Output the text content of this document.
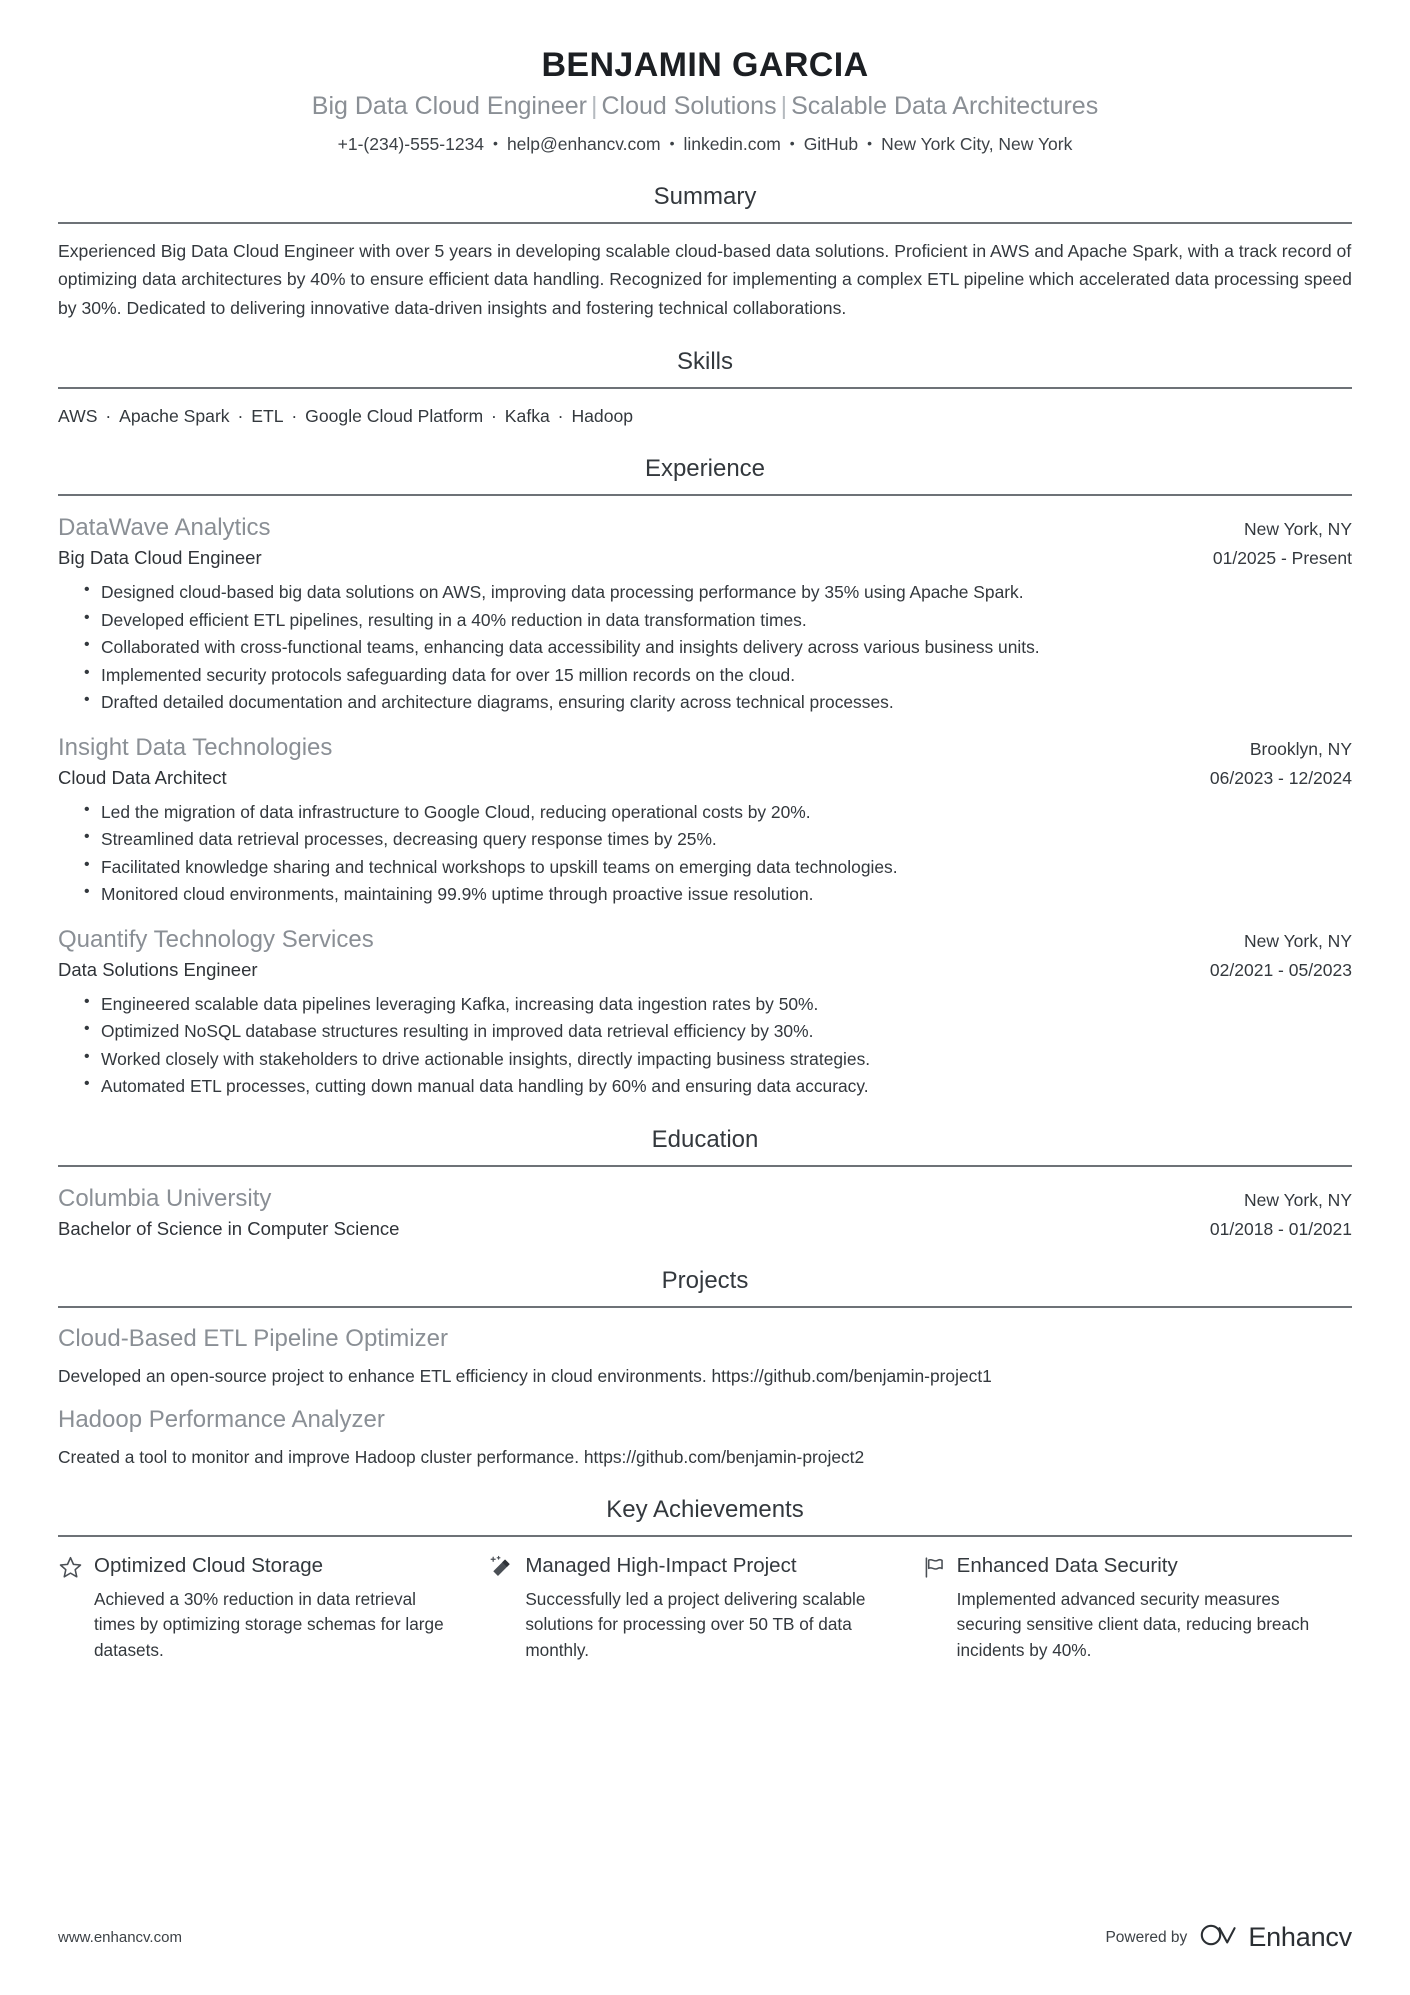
BENJAMIN GARCIA
Big Data Cloud Engineer | Cloud Solutions | Scalable Data Architectures
+1-(234)-555-1234 • help@enhancv.com • linkedin.com • GitHub • New York City, New York
Summary
Experienced Big Data Cloud Engineer with over 5 years in developing scalable cloud-based data solutions. Proficient in AWS and Apache Spark, with a track record of optimizing data architectures by 40% to ensure efficient data handling. Recognized for implementing a complex ETL pipeline which accelerated data processing speed by 30%. Dedicated to delivering innovative data-driven insights and fostering technical collaborations.
Skills
AWS · Apache Spark · ETL · Google Cloud Platform · Kafka · Hadoop
Experience
DataWave Analytics	New York, NY
Big Data Cloud Engineer	01/2025 - Present
• Designed cloud-based big data solutions on AWS, improving data processing performance by 35% using Apache Spark.
• Developed efficient ETL pipelines, resulting in a 40% reduction in data transformation times.
• Collaborated with cross-functional teams, enhancing data accessibility and insights delivery across various business units.
• Implemented security protocols safeguarding data for over 15 million records on the cloud.
• Drafted detailed documentation and architecture diagrams, ensuring clarity across technical processes.
Insight Data Technologies	Brooklyn, NY
Cloud Data Architect	06/2023 - 12/2024
• Led the migration of data infrastructure to Google Cloud, reducing operational costs by 20%.
• Streamlined data retrieval processes, decreasing query response times by 25%.
• Facilitated knowledge sharing and technical workshops to upskill teams on emerging data technologies.
• Monitored cloud environments, maintaining 99.9% uptime through proactive issue resolution.
Quantify Technology Services	New York, NY
Data Solutions Engineer	02/2021 - 05/2023
• Engineered scalable data pipelines leveraging Kafka, increasing data ingestion rates by 50%.
• Optimized NoSQL database structures resulting in improved data retrieval efficiency by 30%.
• Worked closely with stakeholders to drive actionable insights, directly impacting business strategies.
• Automated ETL processes, cutting down manual data handling by 60% and ensuring data accuracy.
Education
Columbia University	New York, NY
Bachelor of Science in Computer Science	01/2018 - 01/2021
Projects
Cloud-Based ETL Pipeline Optimizer
Developed an open-source project to enhance ETL efficiency in cloud environments. https://github.com/benjamin-project1
Hadoop Performance Analyzer
Created a tool to monitor and improve Hadoop cluster performance. https://github.com/benjamin-project2
Key Achievements
Optimized Cloud Storage
Achieved a 30% reduction in data retrieval times by optimizing storage schemas for large datasets.
Managed High-Impact Project
Successfully led a project delivering scalable solutions for processing over 50 TB of data monthly.
Enhanced Data Security
Implemented advanced security measures securing sensitive client data, reducing breach incidents by 40%.
www.enhancv.com	Powered by Enhancv
